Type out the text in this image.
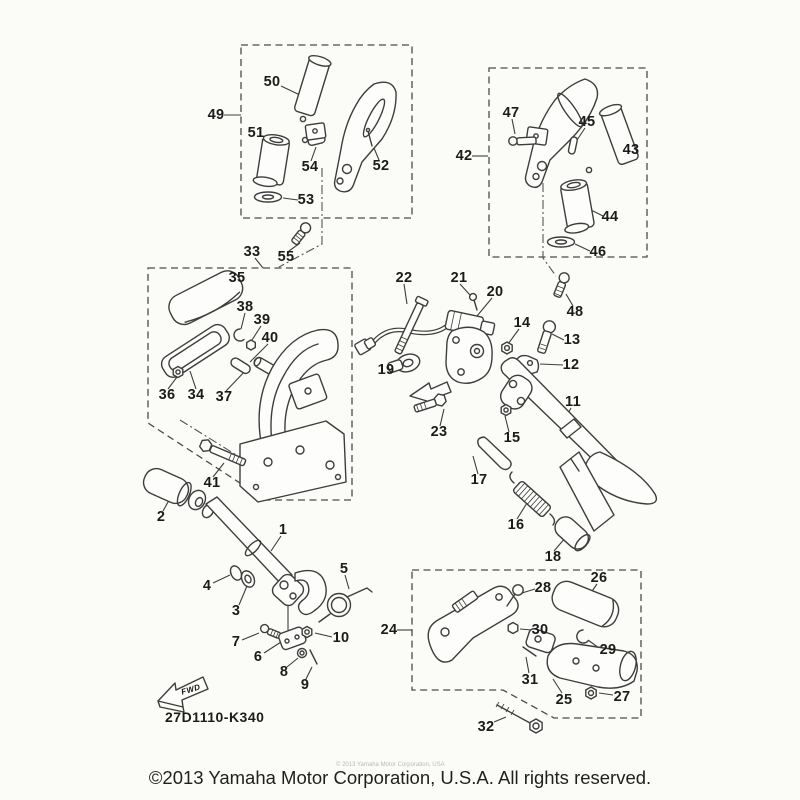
1
2
3
4
5
6
7
8
9
10
11
12
13
14
15
16
17
18
19
20
21
22
23
24
25
26
27
28
29
30
31
32
33
34
35
36	37
38
39
40
41
42	43
44
45
46
47
48
49
50
51
52
53
54
55
FWD
27D1110-K340
© 2013 Yamaha Motor Corporation, USA
©2013 Yamaha Motor Corporation, U.S.A. All rights reserved.
